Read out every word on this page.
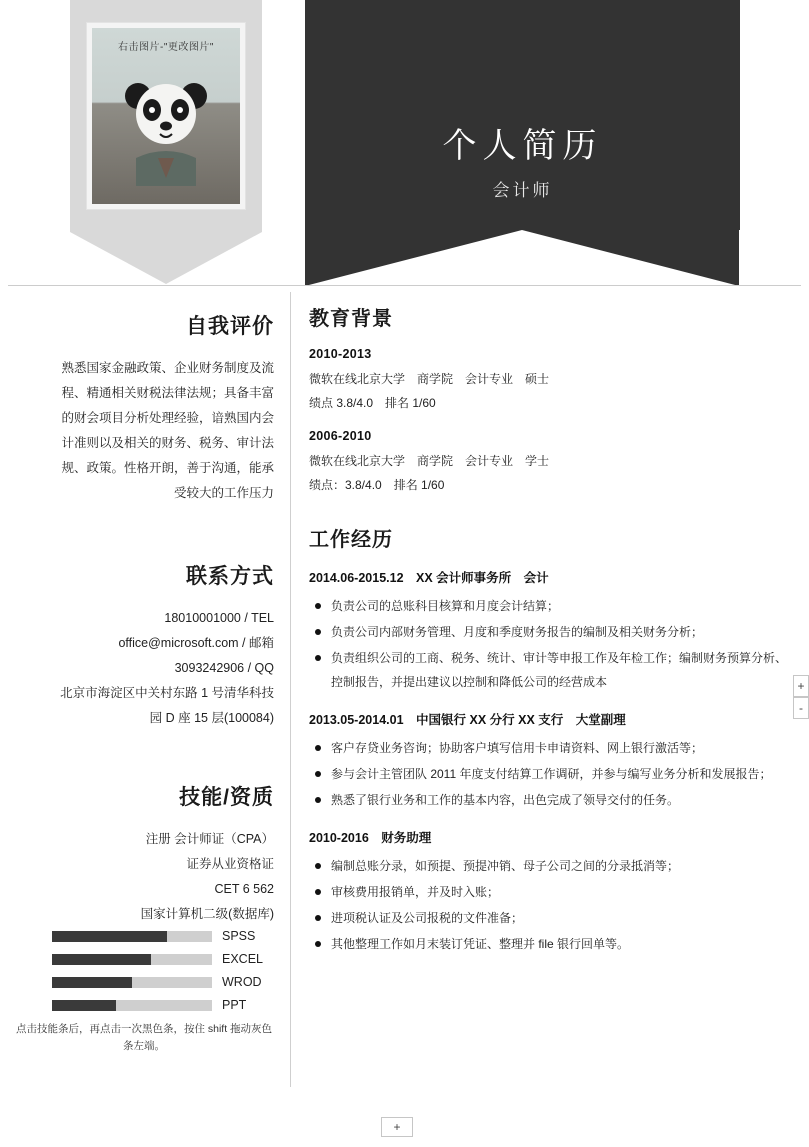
右击图片-"更改图片"
个人简历
会计师
自我评价
熟悉国家金融政策、企业财务制度及流
程、精通相关财税法律法规；具备丰富
的财会项目分析处理经验，谙熟国内会
计准则以及相关的财务、税务、审计法
规、政策。性格开朗，善于沟通，能承
受较大的工作压力
联系方式
18010001000 / TEL
office@microsoft.com / 邮箱
3093242906 / QQ
北京市海淀区中关村东路 1 号清华科技
园 D 座 15 层(100084)
技能/资质
注册 会计师证（CPA）
证券从业资格证
CET 6 562
国家计算机二级(数据库)
SPSS
EXCEL
WROD
PPT
点击技能条后，再点击一次黑色条，按住 shift 拖动灰色条左端。
教育背景
2010-2013
微软在线北京大学　商学院　会计专业　硕士
绩点 3.8/4.0　排名 1/60
2006-2010
微软在线北京大学　商学院　会计专业　学士
绩点：3.8/4.0　排名 1/60
工作经历
2014.06-2015.12　XX 会计师事务所　会计
负责公司的总账科目核算和月度会计结算；
负责公司内部财务管理、月度和季度财务报告的编制及相关财务分析；
负责组织公司的工商、税务、统计、审计等申报工作及年检工作；编制财务预算分析、控制报告，并提出建议以控制和降低公司的经营成本
2013.05-2014.01　中国银行 XX 分行 XX 支行　大堂副理
客户存贷业务咨询；协助客户填写信用卡申请资料、网上银行激活等；
参与会计主管团队 2011 年度支付结算工作调研，并参与编写业务分析和发展报告；
熟悉了银行业务和工作的基本内容，出色完成了领导交付的任务。
2010-2016　财务助理
编制总账分录，如预提、预提冲销、母子公司之间的分录抵消等；
审核费用报销单，并及时入账；
进项税认证及公司报税的文件准备；
其他整理工作如月末装订凭证、整理并 file 银行回单等。
+
-
+
